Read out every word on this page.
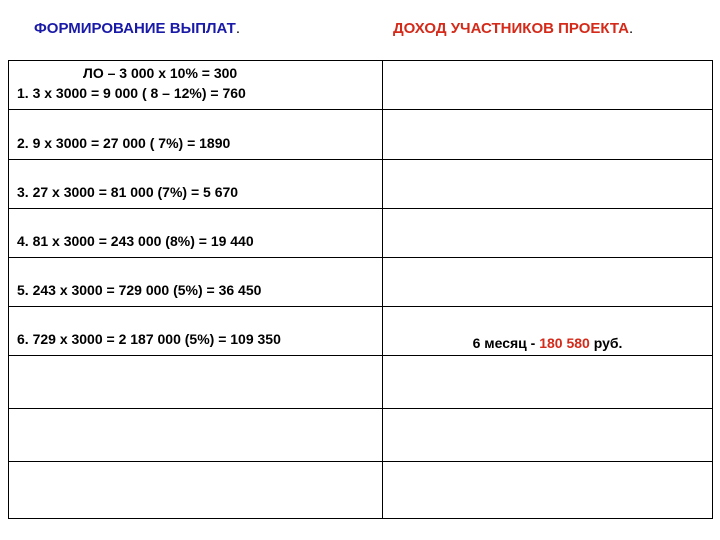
ФОРМИРОВАНИЕ ВЫПЛАТ.	ДОХОД УЧАСТНИКОВ ПРОЕКТА.
ЛО – 3 000 х 10% = 300
1. 3 х 3000 = 9 000 ( 8 – 12%) = 760	

2. 9 х 3000 = 27 000 ( 7%) = 1890	

3. 27 х 3000 = 81 000 (7%) = 5 670	

4. 81 х 3000 = 243 000 (8%) = 19 440	

5. 243 х 3000 = 729 000 (5%) = 36 450	

6. 729 х 3000 = 2 187 000 (5%) = 109 350	6 месяц - 180 580 руб.
